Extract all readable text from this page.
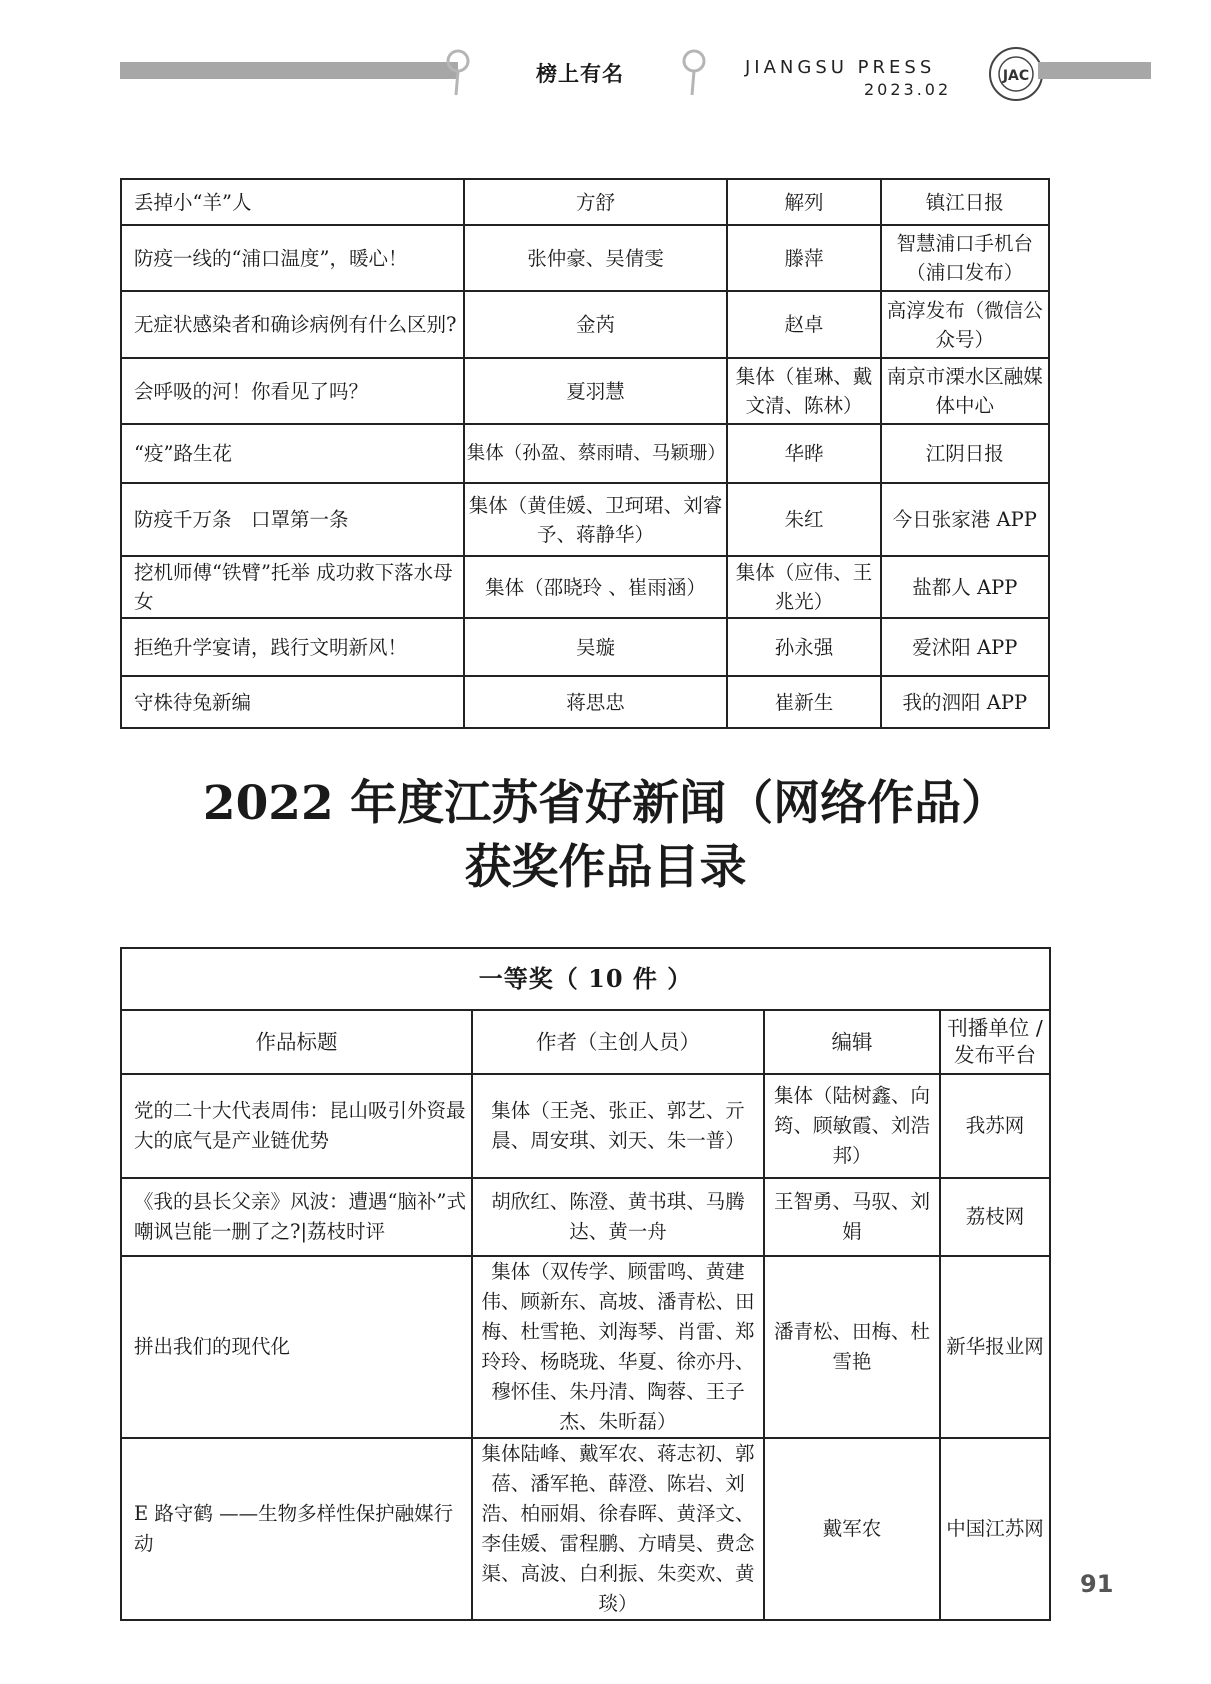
榜上有名	JIANGSU PRESS
2023.02
JAC
丢掉小“羊”人	方舒	解列	镇江日报
防疫一线的“浦口温度”，暖心！	张仲豪、吴倩雯	滕萍	智慧浦口手机台（浦口发布）
无症状感染者和确诊病例有什么区别?	金芮	赵卓	高淳发布（微信公众号）
会呼吸的河！你看见了吗？	夏羽慧	集体（崔琳、戴文清、陈林）	南京市溧水区融媒体中心
“疫”路生花	集体（孙盈、蔡雨晴、马颖珊）	华晔	江阴日报
防疫千万条　口罩第一条	集体（黄佳媛、卫珂珺、刘睿予、蒋静华）	朱红	今日张家港 APP
挖机师傅“铁臂”托举 成功救下落水母女	集体（邵晓玲 、崔雨涵）	集体（应伟、王兆光）	盐都人 APP
拒绝升学宴请，践行文明新风！	吴璇	孙永强	爱沭阳 APP
守株待兔新编	蒋思忠	崔新生	我的泗阳 APP
2022 年度江苏省好新闻（网络作品）
获奖作品目录
一等奖（ 10 件 ）			
作品标题	作者（主创人员）	编辑	刊播单位 / 发布平台
党的二十大代表周伟：昆山吸引外资最大的底气是产业链优势	集体（王尧、张正、郭艺、亓晨、周安琪、刘天、朱一普）	集体（陆树鑫、向筠、顾敏霞、刘浩邦）	我苏网
《我的县长父亲》风波：遭遇“脑补”式嘲讽岂能一删了之?|荔枝时评	胡欣红、陈澄、黄书琪、马腾达、黄一舟	王智勇、马驭、刘娟	荔枝网
拼出我们的现代化	集体（双传学、顾雷鸣、黄建伟、顾新东、高坡、潘青松、田梅、杜雪艳、刘海琴、肖雷、郑玲玲、杨晓珑、华夏、徐亦丹、穆怀佳、朱丹清、陶蓉、王子杰、朱昕磊）	潘青松、田梅、杜雪艳	新华报业网
E 路守鹤 ——生物多样性保护融媒行动	集体陆峰、戴军农、蒋志初、郭蓓、潘军艳、薛澄、陈岩、刘浩、柏丽娟、徐春晖、黄泽文、李佳媛、雷程鹏、方晴昊、费念渠、高波、白利振、朱奕欢、黄琰）	戴军农	中国江苏网
91
